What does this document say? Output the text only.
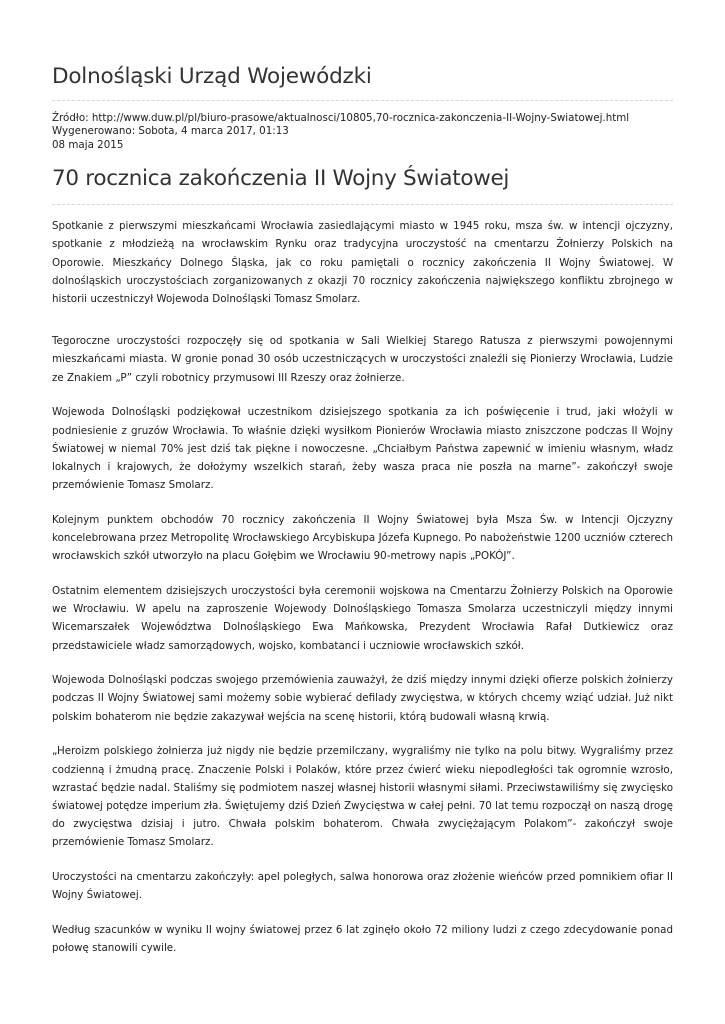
Dolnośląski Urząd Wojewódzki
Źródło: http://www.duw.pl/pl/biuro-prasowe/aktualnosci/10805,70-rocznica-zakonczenia-II-Wojny-Swiatowej.html
Wygenerowano: Sobota, 4 marca 2017, 01:13
08 maja 2015
70 rocznica zakończenia II Wojny Światowej

Spotkanie z pierwszymi mieszkańcami Wrocławia zasiedlającymi miasto w 1945 roku, msza św. w intencji ojczyzny, spotkanie z młodzieżą na wrocławskim Rynku oraz tradycyjna uroczystość na cmentarzu Żołnierzy Polskich na Oporowie. Mieszkańcy Dolnego Śląska, jak co roku pamiętali o rocznicy zakończenia II Wojny Światowej. W dolnośląskich uroczystościach zorganizowanych z okazji 70 rocznicy zakończenia największego konfliktu zbrojnego w historii uczestniczył Wojewoda Dolnośląski Tomasz Smolarz.

Tegoroczne uroczystości rozpoczęły się od spotkania w Sali Wielkiej Starego Ratusza z pierwszymi powojennymi mieszkańcami miasta. W gronie ponad 30 osób uczestniczących w uroczystości znaleźli się Pionierzy Wrocławia, Ludzie ze Znakiem „P” czyli robotnicy przymusowi III Rzeszy oraz żołnierze.

Wojewoda Dolnośląski podziękował uczestnikom dzisiejszego spotkania za ich poświęcenie i trud, jaki włożyli w podniesienie z gruzów Wrocławia. To właśnie dzięki wysiłkom Pionierów Wrocławia miasto zniszczone podczas II Wojny Światowej w niemal 70% jest dziś tak piękne i nowoczesne. „Chciałbym Państwa zapewnić w imieniu własnym, władz lokalnych i krajowych, że dołożymy wszelkich starań, żeby wasza praca nie poszła na marne”- zakończył swoje przemówienie Tomasz Smolarz.

Kolejnym punktem obchodów 70 rocznicy zakończenia II Wojny Światowej była Msza Św. w Intencji Ojczyzny koncelebrowana przez Metropolitę Wrocławskiego Arcybiskupa Józefa Kupnego. Po nabożeństwie 1200 uczniów czterech wrocławskich szkół utworzyło na placu Gołębim we Wrocławiu 90-metrowy napis „POKÓJ”.

Ostatnim elementem dzisiejszych uroczystości była ceremonii wojskowa na Cmentarzu Żołnierzy Polskich na Oporowie we Wrocławiu. W apelu na zaproszenie Wojewody Dolnośląskiego Tomasza Smolarza uczestniczyli między innymi Wicemarszałek Województwa Dolnośląskiego Ewa Mańkowska, Prezydent Wrocławia Rafał Dutkiewicz oraz przedstawiciele władz samorządowych, wojsko, kombatanci i uczniowie wrocławskich szkół.

Wojewoda Dolnośląski podczas swojego przemówienia zauważył, że dziś między innymi dzięki ofierze polskich żołnierzy podczas II Wojny Światowej sami możemy sobie wybierać defilady zwycięstwa, w których chcemy wziąć udział. Już nikt polskim bohaterom nie będzie zakazywał wejścia na scenę historii, którą budowali własną krwią.

„Heroizm polskiego żołnierza już nigdy nie będzie przemilczany, wygraliśmy nie tylko na polu bitwy. Wygraliśmy przez codzienną i żmudną pracę. Znaczenie Polski i Polaków, które przez ćwierć wieku niepodległości tak ogromnie wzrosło, wzrastać będzie nadal. Staliśmy się podmiotem naszej własnej historii własnymi siłami. Przeciwstawiliśmy się zwycięsko światowej potędze imperium zła. Świętujemy dziś Dzień Zwycięstwa w całej pełni. 70 lat temu rozpoczął on naszą drogę do zwycięstwa dzisiaj i jutro. Chwała polskim bohaterom. Chwała zwyciężającym Polakom”- zakończył swoje przemówienie Tomasz Smolarz.

Uroczystości na cmentarzu zakończyły: apel poległych, salwa honorowa oraz złożenie wieńców przed pomnikiem ofiar II Wojny Światowej.

Według szacunków w wyniku II wojny światowej przez 6 lat zginęło około 72 miliony ludzi z czego zdecydowanie ponad połowę stanowili cywile.
